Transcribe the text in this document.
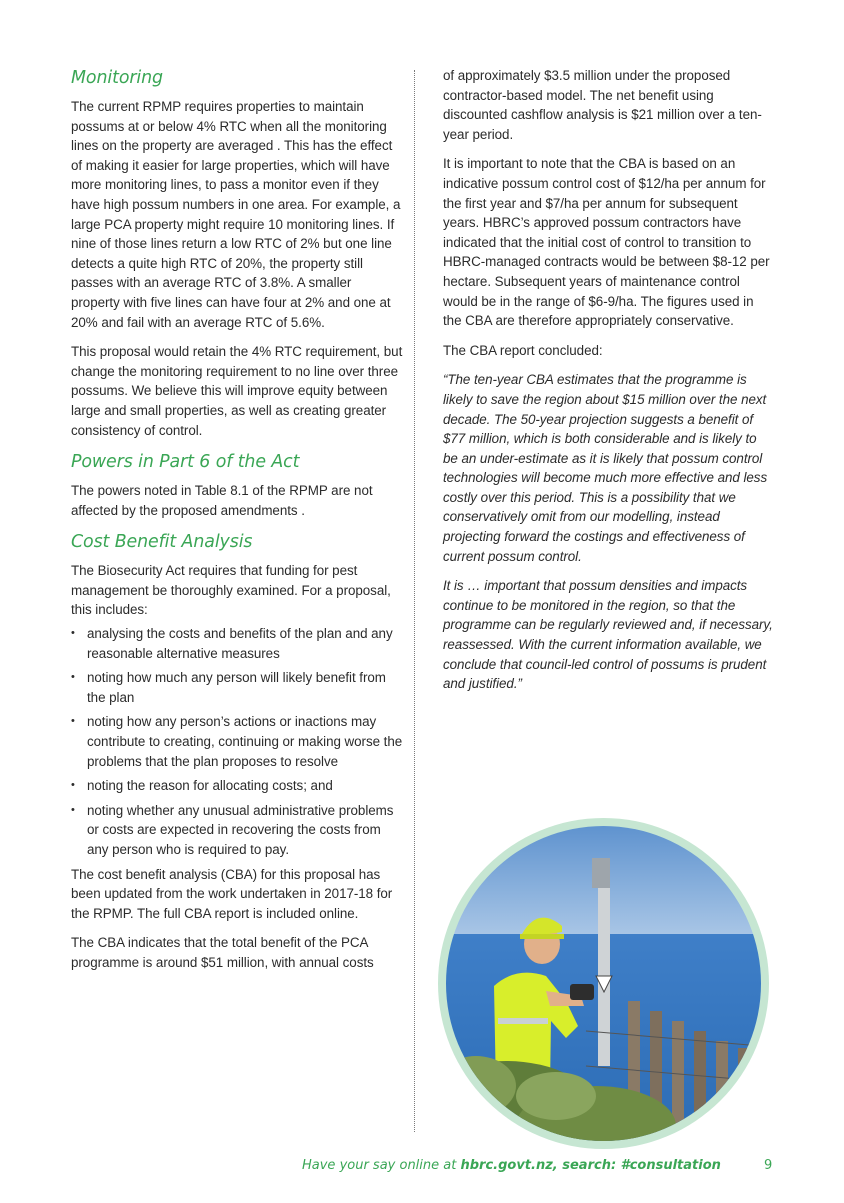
Monitoring

The current RPMP requires properties to maintain possums at or below 4% RTC when all the monitoring lines on the property are averaged . This has the effect of making it easier for large properties, which will have more monitoring lines, to pass a monitor even if they have high possum numbers in one area. For example, a large PCA property might require 10 monitoring lines. If nine of those lines return a low RTC of 2% but one line detects a quite high RTC of 20%, the property still passes with an average RTC of 3.8%. A smaller property with five lines can have four at 2% and one at 20% and fail with an average RTC of 5.6%.

This proposal would retain the 4% RTC requirement, but change the monitoring requirement to no line over three possums. We believe this will improve equity between large and small properties, as well as creating greater consistency of control.

Powers in Part 6 of the Act

The powers noted in Table 8.1 of the RPMP are not affected by the proposed amendments .

Cost Benefit Analysis

The Biosecurity Act requires that funding for pest management be thoroughly examined. For a proposal, this includes:

• analysing the costs and benefits of the plan and any reasonable alternative measures
• noting how much any person will likely benefit from the plan
• noting how any person’s actions or inactions may contribute to creating, continuing or making worse the problems that the plan proposes to resolve
• noting the reason for allocating costs; and
• noting whether any unusual administrative problems or costs are expected in recovering the costs from any person who is required to pay.

The cost benefit analysis (CBA) for this proposal has been updated from the work undertaken in 2017-18 for the RPMP. The full CBA report is included online.

The CBA indicates that the total benefit of the PCA programme is around $51 million, with annual costs

of approximately $3.5 million under the proposed contractor-based model. The net benefit using discounted cashflow analysis is $21 million over a ten-year period.

It is important to note that the CBA is based on an indicative possum control cost of $12/ha per annum for the first year and $7/ha per annum for subsequent years. HBRC’s approved possum contractors have indicated that the initial cost of control to transition to HBRC-managed contracts would be between $8-12 per hectare. Subsequent years of maintenance control would be in the range of $6-9/ha. The figures used in the CBA are therefore appropriately conservative.

The CBA report concluded:

“The ten-year CBA estimates that the programme is likely to save the region about $15 million over the next decade. The 50-year projection suggests a benefit of $77 million, which is both considerable and is likely to be an under-estimate as it is likely that possum control technologies will become much more effective and less costly over this period. This is a possibility that we conservatively omit from our modelling, instead projecting forward the costings and effectiveness of current possum control.

It is … important that possum densities and impacts continue to be monitored in the region, so that the programme can be regularly reviewed and, if necessary, reassessed. With the current information available, we conclude that council-led control of possums is prudent and justified.”

Have your say online at hbrc.govt.nz, search: #consultation	9
